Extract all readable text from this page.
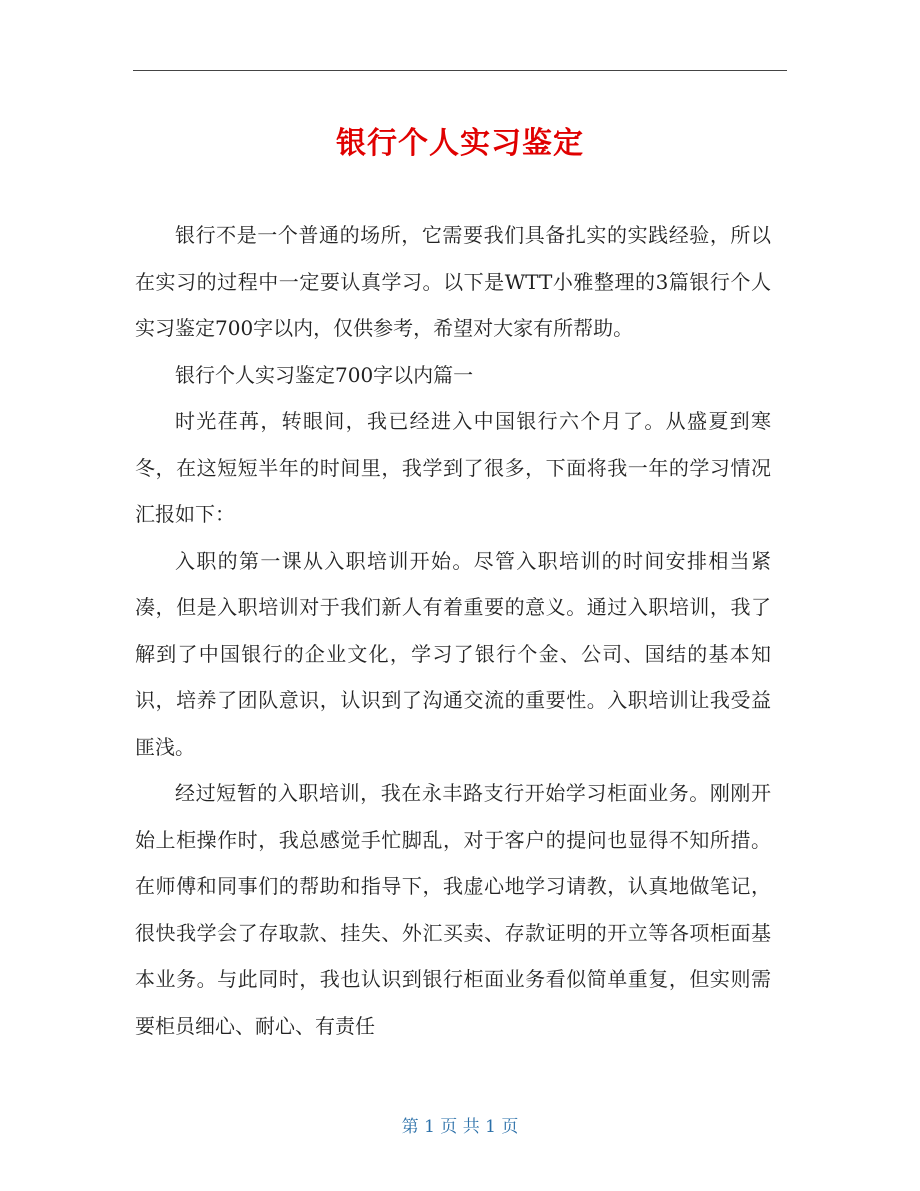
银行个人实习鉴定

银行不是一个普通的场所，它需要我们具备扎实的实践经验，所以在实习的过程中一定要认真学习。以下是WTT小雅整理的3篇银行个人实习鉴定700字以内，仅供参考，希望对大家有所帮助。

银行个人实习鉴定700字以内篇一

时光荏苒，转眼间，我已经进入中国银行六个月了。从盛夏到寒冬，在这短短半年的时间里，我学到了很多，下面将我一年的学习情况汇报如下：

入职的第一课从入职培训开始。尽管入职培训的时间安排相当紧凑，但是入职培训对于我们新人有着重要的意义。通过入职培训，我了解到了中国银行的企业文化，学习了银行个金、公司、国结的基本知识，培养了团队意识，认识到了沟通交流的重要性。入职培训让我受益匪浅。

经过短暂的入职培训，我在永丰路支行开始学习柜面业务。刚刚开始上柜操作时，我总感觉手忙脚乱，对于客户的提问也显得不知所措。在师傅和同事们的帮助和指导下，我虚心地学习请教，认真地做笔记，很快我学会了存取款、挂失、外汇买卖、存款证明的开立等各项柜面基本业务。与此同时，我也认识到银行柜面业务看似简单重复，但实则需要柜员细心、耐心、有责任

第 1 页 共 1 页
